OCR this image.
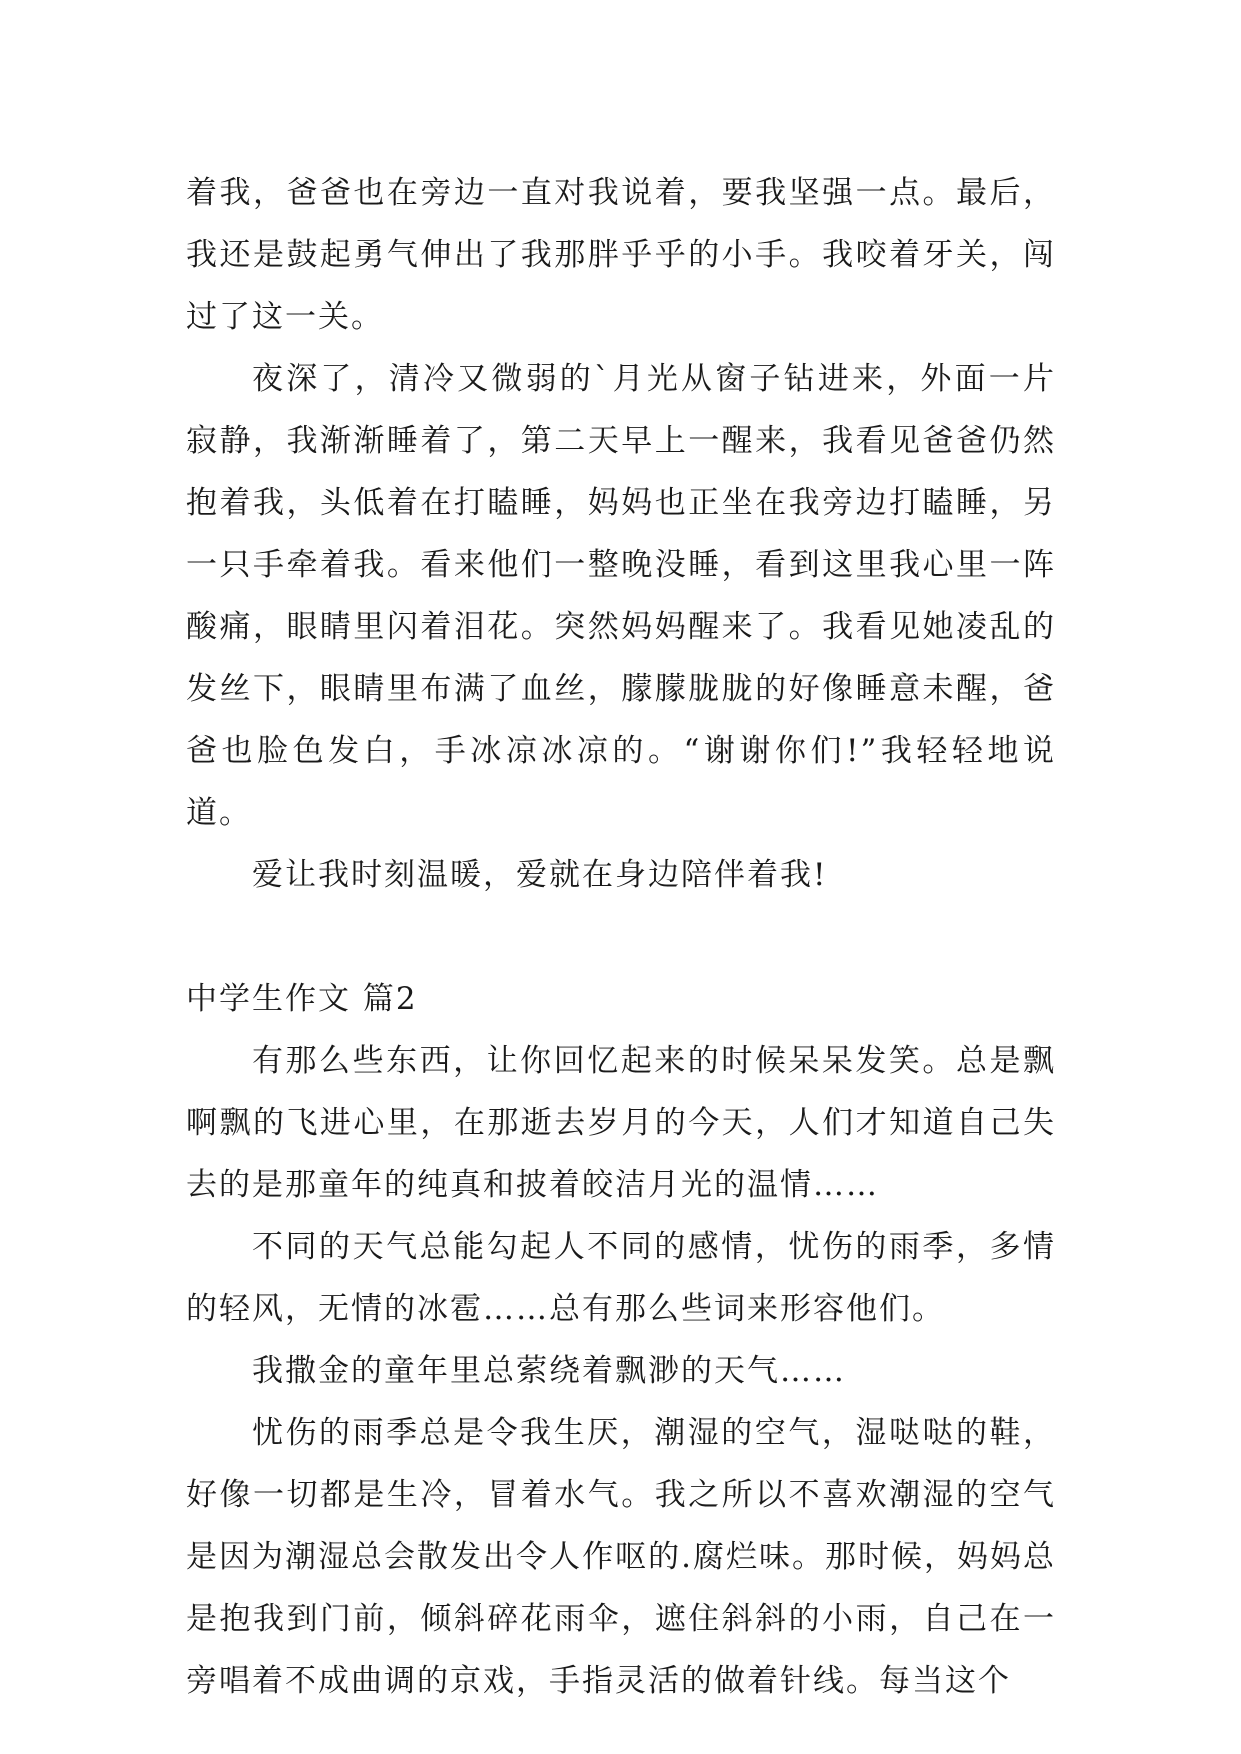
着我，爸爸也在旁边一直对我说着，要我坚强一点。最后，我还是鼓起勇气伸出了我那胖乎乎的小手。我咬着牙关，闯过了这一关。

夜深了，清冷又微弱的`月光从窗子钻进来，外面一片寂静，我渐渐睡着了，第二天早上一醒来，我看见爸爸仍然抱着我，头低着在打瞌睡，妈妈也正坐在我旁边打瞌睡，另一只手牵着我。看来他们一整晚没睡，看到这里我心里一阵酸痛，眼睛里闪着泪花。突然妈妈醒来了。我看见她凌乱的发丝下，眼睛里布满了血丝，朦朦胧胧的好像睡意未醒，爸爸也脸色发白，手冰凉冰凉的。“谢谢你们!”我轻轻地说道。

爱让我时刻温暖，爱就在身边陪伴着我!

中学生作文 篇2

有那么些东西，让你回忆起来的时候呆呆发笑。总是飘啊飘的飞进心里，在那逝去岁月的今天，人们才知道自己失去的是那童年的纯真和披着皎洁月光的温情……

不同的天气总能勾起人不同的感情，忧伤的雨季，多情的轻风，无情的冰雹……总有那么些词来形容他们。

我撒金的童年里总萦绕着飘渺的天气……

忧伤的雨季总是令我生厌，潮湿的空气，湿哒哒的鞋，好像一切都是生冷，冒着水气。我之所以不喜欢潮湿的空气是因为潮湿总会散发出令人作呕的.腐烂味。那时候，妈妈总是抱我到门前，倾斜碎花雨伞，遮住斜斜的小雨，自己在一旁唱着不成曲调的京戏，手指灵活的做着针线。每当这个
